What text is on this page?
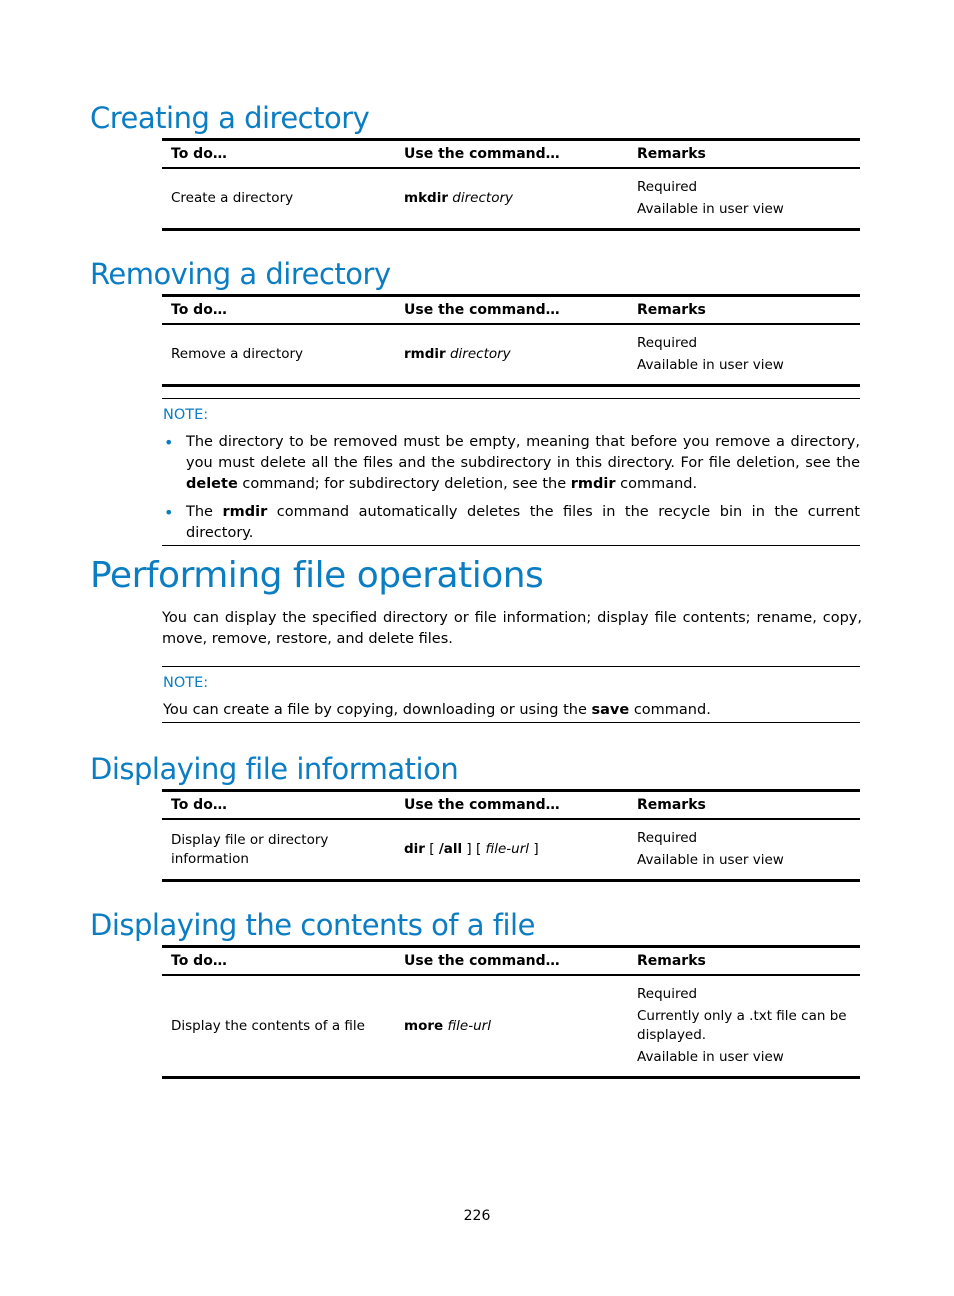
Creating a directory
To do…	Use the command…	Remarks
Create a directory	mkdir directory	Required

Available in user view

Removing a directory
To do…	Use the command…	Remarks
Remove a directory	rmdir directory	Required

Available in user view

NOTE:
• The directory to be removed must be empty, meaning that before you remove a directory, you must delete all the files and the subdirectory in this directory. For file deletion, see the delete command; for subdirectory deletion, see the rmdir command.
• The rmdir command automatically deletes the files in the recycle bin in the current directory.
Performing file operations

You can display the specified directory or file information; display file contents; rename, copy, move, remove, restore, and delete files.

NOTE:

You can create a file by copying, downloading or using the save command.

Displaying file information
To do…	Use the command…	Remarks
Display file or directory information	dir [ /all ] [ file-url ]	Required

Available in user view

Displaying the contents of a file
To do…	Use the command…	Remarks
Display the contents of a file	more file-url	Required

Currently only a .txt file can be displayed.

Available in user view

226
